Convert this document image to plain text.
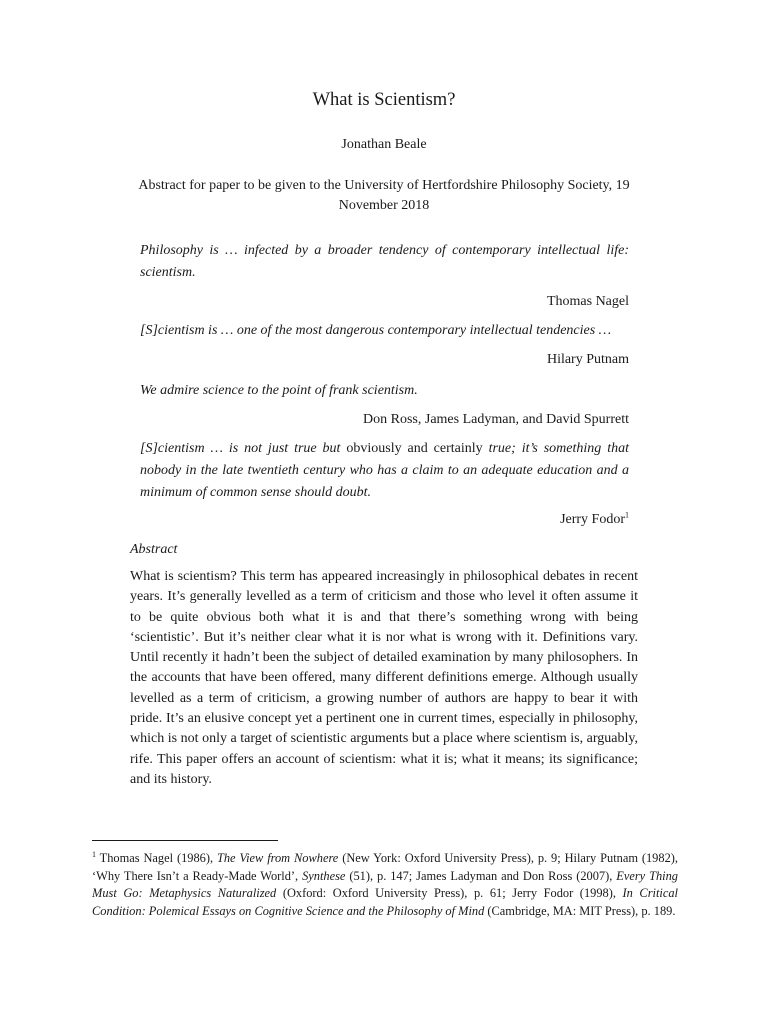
What is Scientism?
Jonathan Beale
Abstract for paper to be given to the University of Hertfordshire Philosophy Society, 19 November 2018
Philosophy is … infected by a broader tendency of contemporary intellectual life: scientism.
Thomas Nagel
[S]cientism is … one of the most dangerous contemporary intellectual tendencies …
Hilary Putnam
We admire science to the point of frank scientism.
Don Ross, James Ladyman, and David Spurrett
[S]cientism … is not just true but obviously and certainly true; it’s something that nobody in the late twentieth century who has a claim to an adequate education and a minimum of common sense should doubt.
Jerry Fodor$^1$
Abstract
What is scientism? This term has appeared increasingly in philosophical debates in recent years. It’s generally levelled as a term of criticism and those who level it often assume it to be quite obvious both what it is and that there’s something wrong with being ‘scientistic’. But it’s neither clear what it is nor what is wrong with it. Definitions vary. Until recently it hadn’t been the subject of detailed examination by many philosophers. In the accounts that have been offered, many different definitions emerge. Although usually levelled as a term of criticism, a growing number of authors are happy to bear it with pride. It’s an elusive concept yet a pertinent one in current times, especially in philosophy, which is not only a target of scientistic arguments but a place where scientism is, arguably, rife. This paper offers an account of scientism: what it is; what it means; its significance; and its history.
$^1$ Thomas Nagel (1986), The View from Nowhere (New York: Oxford University Press), p. 9; Hilary Putnam (1982), ‘Why There Isn’t a Ready-Made World’, Synthese (51), p. 147; James Ladyman and Don Ross (2007), Every Thing Must Go: Metaphysics Naturalized (Oxford: Oxford University Press), p. 61; Jerry Fodor (1998), In Critical Condition: Polemical Essays on Cognitive Science and the Philosophy of Mind (Cambridge, MA: MIT Press), p. 189.
